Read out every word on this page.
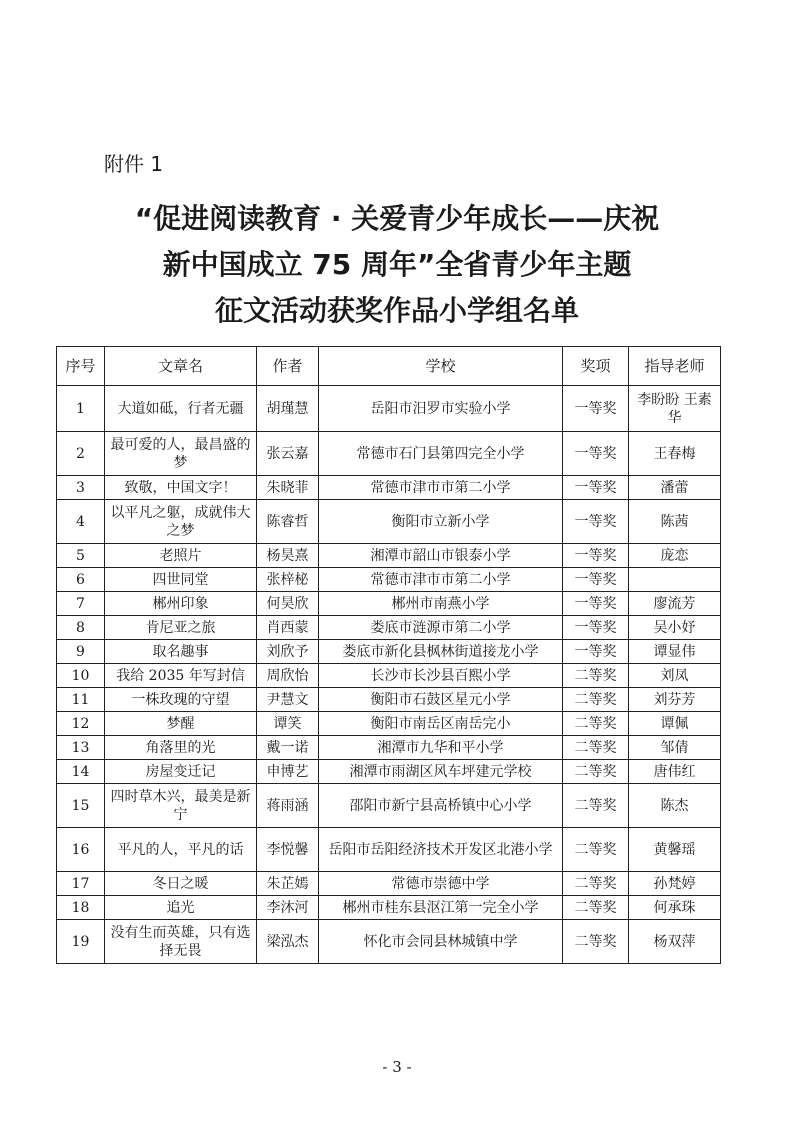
附件 1
“促进阅读教育 · 关爱青少年成长——庆祝
新中国成立 75 周年”全省青少年主题
征文活动获奖作品小学组名单
序号	文章名	作者	学校	奖项	指导老师
1	大道如砥，行者无疆	胡瑾慧	岳阳市汨罗市实验小学	一等奖	李盼盼 王素华
2	最可爱的人，最昌盛的梦	张云嘉	常德市石门县第四完全小学	一等奖	王春梅
3	致敬，中国文字！	朱晓菲	常德市津市市第二小学	一等奖	潘蕾
4	以平凡之躯，成就伟大之梦	陈睿哲	衡阳市立新小学	一等奖	陈茜
5	老照片	杨昊熹	湘潭市韶山市银泰小学	一等奖	庞恋
6	四世同堂	张梓柲	常德市津市市第二小学	一等奖	
7	郴州印象	何昊欣	郴州市南燕小学	一等奖	廖流芳
8	肯尼亚之旅	肖西蒙	娄底市涟源市第二小学	一等奖	吴小妤
9	取名趣事	刘欣予	娄底市新化县枫林街道接龙小学	一等奖	谭显伟
10	我给 2035 年写封信	周欣怡	长沙市长沙县百熙小学	二等奖	刘凤
11	一株玫瑰的守望	尹慧文	衡阳市石鼓区星元小学	二等奖	刘芬芳
12	梦醒	谭笑	衡阳市南岳区南岳完小	二等奖	谭佩
13	角落里的光	戴一诺	湘潭市九华和平小学	二等奖	邹倩
14	房屋变迁记	申博艺	湘潭市雨湖区风车坪建元学校	二等奖	唐伟红
15	四时草木兴，最美是新宁	蒋雨涵	邵阳市新宁县高桥镇中心小学	二等奖	陈杰
16	平凡的人，平凡的话	李悦馨	岳阳市岳阳经济技术开发区北港小学	二等奖	黄馨瑶
17	冬日之暖	朱芷嫣	常德市崇德中学	二等奖	孙梵婷
18	追光	李沐河	郴州市桂东县沤江第一完全小学	二等奖	何承珠
19	没有生而英雄，只有选择无畏	梁泓杰	怀化市会同县林城镇中学	二等奖	杨双萍
- 3 -
